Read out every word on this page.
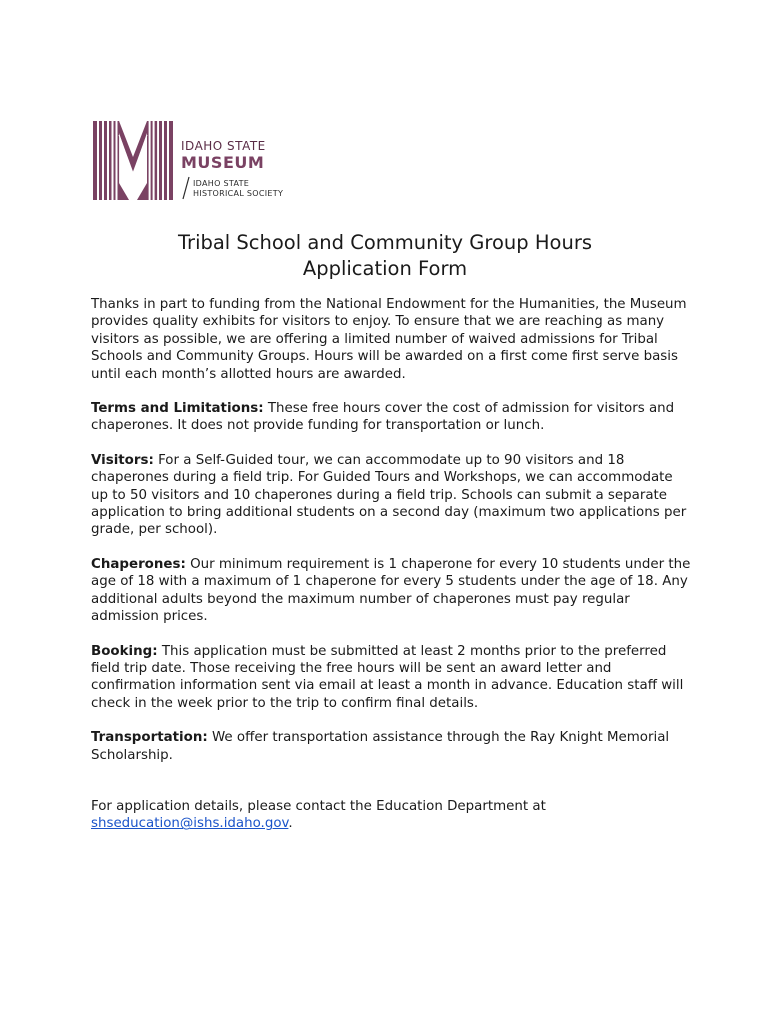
IDAHO STATE
MUSEUM
IDAHO STATE
HISTORICAL SOCIETY
Tribal School and Community Group Hours
Application Form

Thanks in part to funding from the National Endowment for the Humanities, the Museum provides quality exhibits for visitors to enjoy. To ensure that we are reaching as many visitors as possible, we are offering a limited number of waived admissions for Tribal Schools and Community Groups. Hours will be awarded on a first come first serve basis until each month’s allotted hours are awarded.

Terms and Limitations: These free hours cover the cost of admission for visitors and chaperones. It does not provide funding for transportation or lunch.

Visitors: For a Self-Guided tour, we can accommodate up to 90 visitors and 18 chaperones during a field trip. For Guided Tours and Workshops, we can accommodate up to 50 visitors and 10 chaperones during a field trip. Schools can submit a separate application to bring additional students on a second day (maximum two applications per grade, per school).

Chaperones: Our minimum requirement is 1 chaperone for every 10 students under the age of 18 with a maximum of 1 chaperone for every 5 students under the age of 18. Any additional adults beyond the maximum number of chaperones must pay regular admission prices.

Booking: This application must be submitted at least 2 months prior to the preferred field trip date. Those receiving the free hours will be sent an award letter and confirmation information sent via email at least a month in advance. Education staff will check in the week prior to the trip to confirm final details.

Transportation: We offer transportation assistance through the Ray Knight Memorial Scholarship.

For application details, please contact the Education Department at

shseducation@ishs.idaho.gov.
